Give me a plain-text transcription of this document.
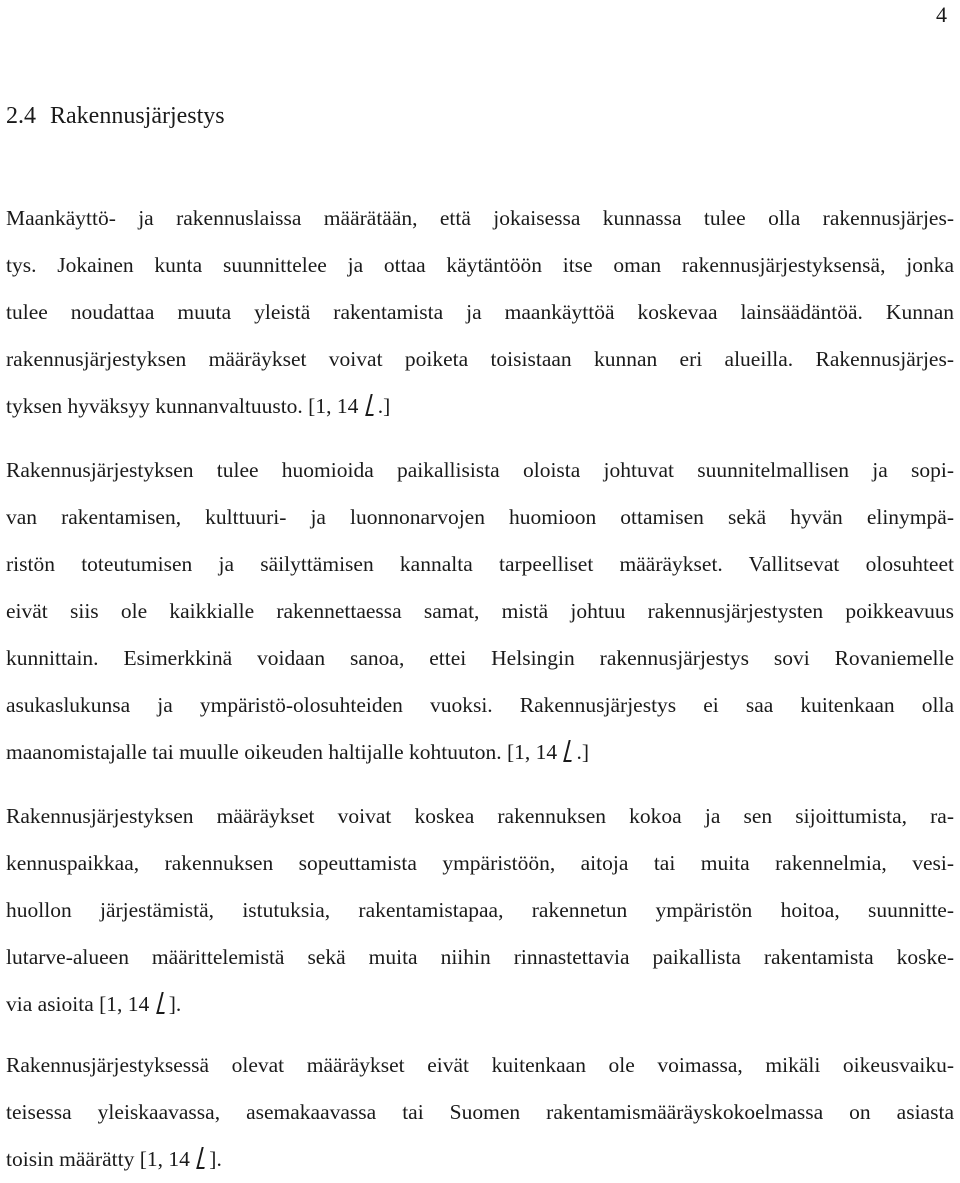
4
2.4 Rakennusjärjestys
Maankäyttö- ja rakennuslaissa määrätään, että jokaisessa kunnassa tulee olla rakennusjärjes-
tys. Jokainen kunta suunnittelee ja ottaa käytäntöön itse oman rakennusjärjestyksensä, jonka
tulee noudattaa muuta yleistä rakentamista ja maankäyttöä koskevaa lainsäädäntöä. Kunnan
rakennusjärjestyksen määräykset voivat poiketa toisistaan kunnan eri alueilla. Rakennusjärjes-
tyksen hyväksyy kunnanvaltuusto. [1, 14 .]
Rakennusjärjestyksen tulee huomioida paikallisista oloista johtuvat suunnitelmallisen ja sopi-
van rakentamisen, kulttuuri- ja luonnonarvojen huomioon ottamisen sekä hyvän elinympä-
ristön toteutumisen ja säilyttämisen kannalta tarpeelliset määräykset. Vallitsevat olosuhteet
eivät siis ole kaikkialle rakennettaessa samat, mistä johtuu rakennusjärjestysten poikkeavuus
kunnittain. Esimerkkinä voidaan sanoa, ettei Helsingin rakennusjärjestys sovi Rovaniemelle
asukaslukunsa ja ympäristö-olosuhteiden vuoksi. Rakennusjärjestys ei saa kuitenkaan olla
maanomistajalle tai muulle oikeuden haltijalle kohtuuton. [1, 14 .]
Rakennusjärjestyksen määräykset voivat koskea rakennuksen kokoa ja sen sijoittumista, ra-
kennuspaikkaa, rakennuksen sopeuttamista ympäristöön, aitoja tai muita rakennelmia, vesi-
huollon järjestämistä, istutuksia, rakentamistapaa, rakennetun ympäristön hoitoa, suunnitte-
lutarve-alueen määrittelemistä sekä muita niihin rinnastettavia paikallista rakentamista koske-
via asioita [1, 14 ].
Rakennusjärjestyksessä olevat määräykset eivät kuitenkaan ole voimassa, mikäli oikeusvaiku-
teisessa yleiskaavassa, asemakaavassa tai Suomen rakentamismääräyskokoelmassa on asiasta
toisin määrätty [1, 14 ].
